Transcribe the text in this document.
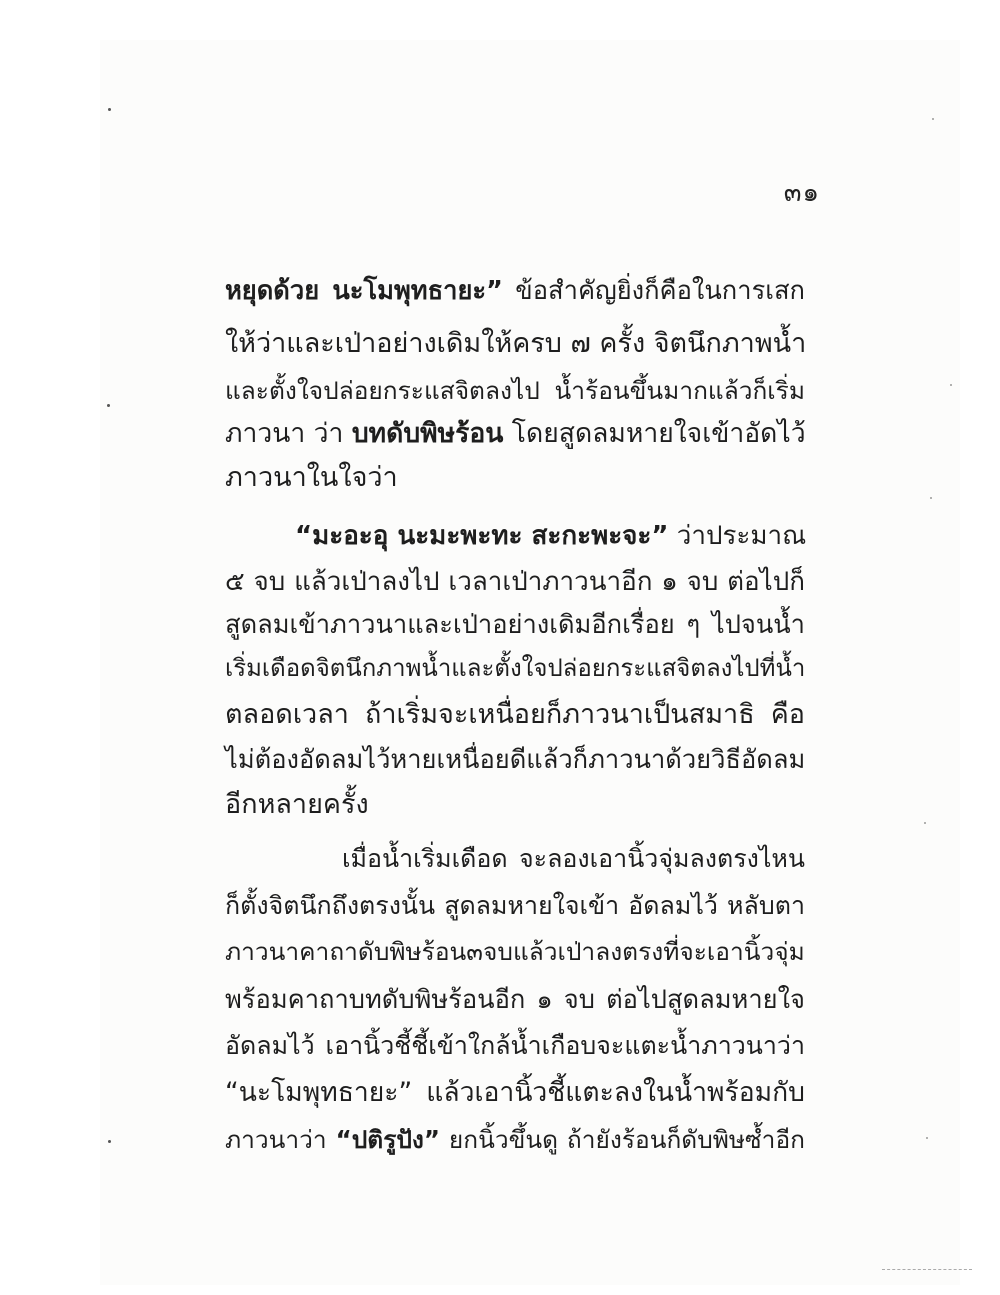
๓๑
หยุดด้วย นะโมพุทธายะ” ข้อสำคัญยิ่งก็คือในการเสก
ให้ว่าและเป่าอย่างเดิมให้ครบ ๗ ครั้ง จิตนึกภาพน้ำ
และตั้งใจปล่อยกระแสจิตลงไป น้ำร้อนขึ้นมากแล้วก็เริ่ม
ภาวนา ว่า บทดับพิษร้อน โดยสูดลมหายใจเข้าอัดไว้
ภาวนาในใจว่า
“มะอะอุ นะมะพะทะ สะกะพะจะ” ว่าประมาณ
๕ จบ แล้วเป่าลงไป เวลาเป่าภาวนาอีก ๑ จบ ต่อไปก็
สูดลมเข้าภาวนาและเป่าอย่างเดิมอีกเรื่อย ๆ ไปจนน้ำ
เริ่มเดือดจิตนึกภาพน้ำและตั้งใจปล่อยกระแสจิตลงไปที่น้ำ
ตลอดเวลา ถ้าเริ่มจะเหนื่อยก็ภาวนาเป็นสมาธิ คือ
ไม่ต้องอัดลมไว้หายเหนื่อยดีแล้วก็ภาวนาด้วยวิธีอัดลม
อีกหลายครั้ง
เมื่อน้ำเริ่มเดือด จะลองเอานิ้วจุ่มลงตรงไหน
ก็ตั้งจิตนึกถึงตรงนั้น สูดลมหายใจเข้า อัดลมไว้ หลับตา
ภาวนาคาถาดับพิษร้อน๓จบแล้วเป่าลงตรงที่จะเอานิ้วจุ่ม
พร้อมคาถาบทดับพิษร้อนอีก ๑ จบ ต่อไปสูดลมหายใจ
อัดลมไว้ เอานิ้วชี้ชี้เข้าใกล้น้ำเกือบจะแตะน้ำภาวนาว่า
“นะโมพุทธายะ” แล้วเอานิ้วชี้แตะลงในน้ำพร้อมกับ
ภาวนาว่า “ปติรูปัง” ยกนิ้วขึ้นดู ถ้ายังร้อนก็ดับพิษซ้ำอีก
